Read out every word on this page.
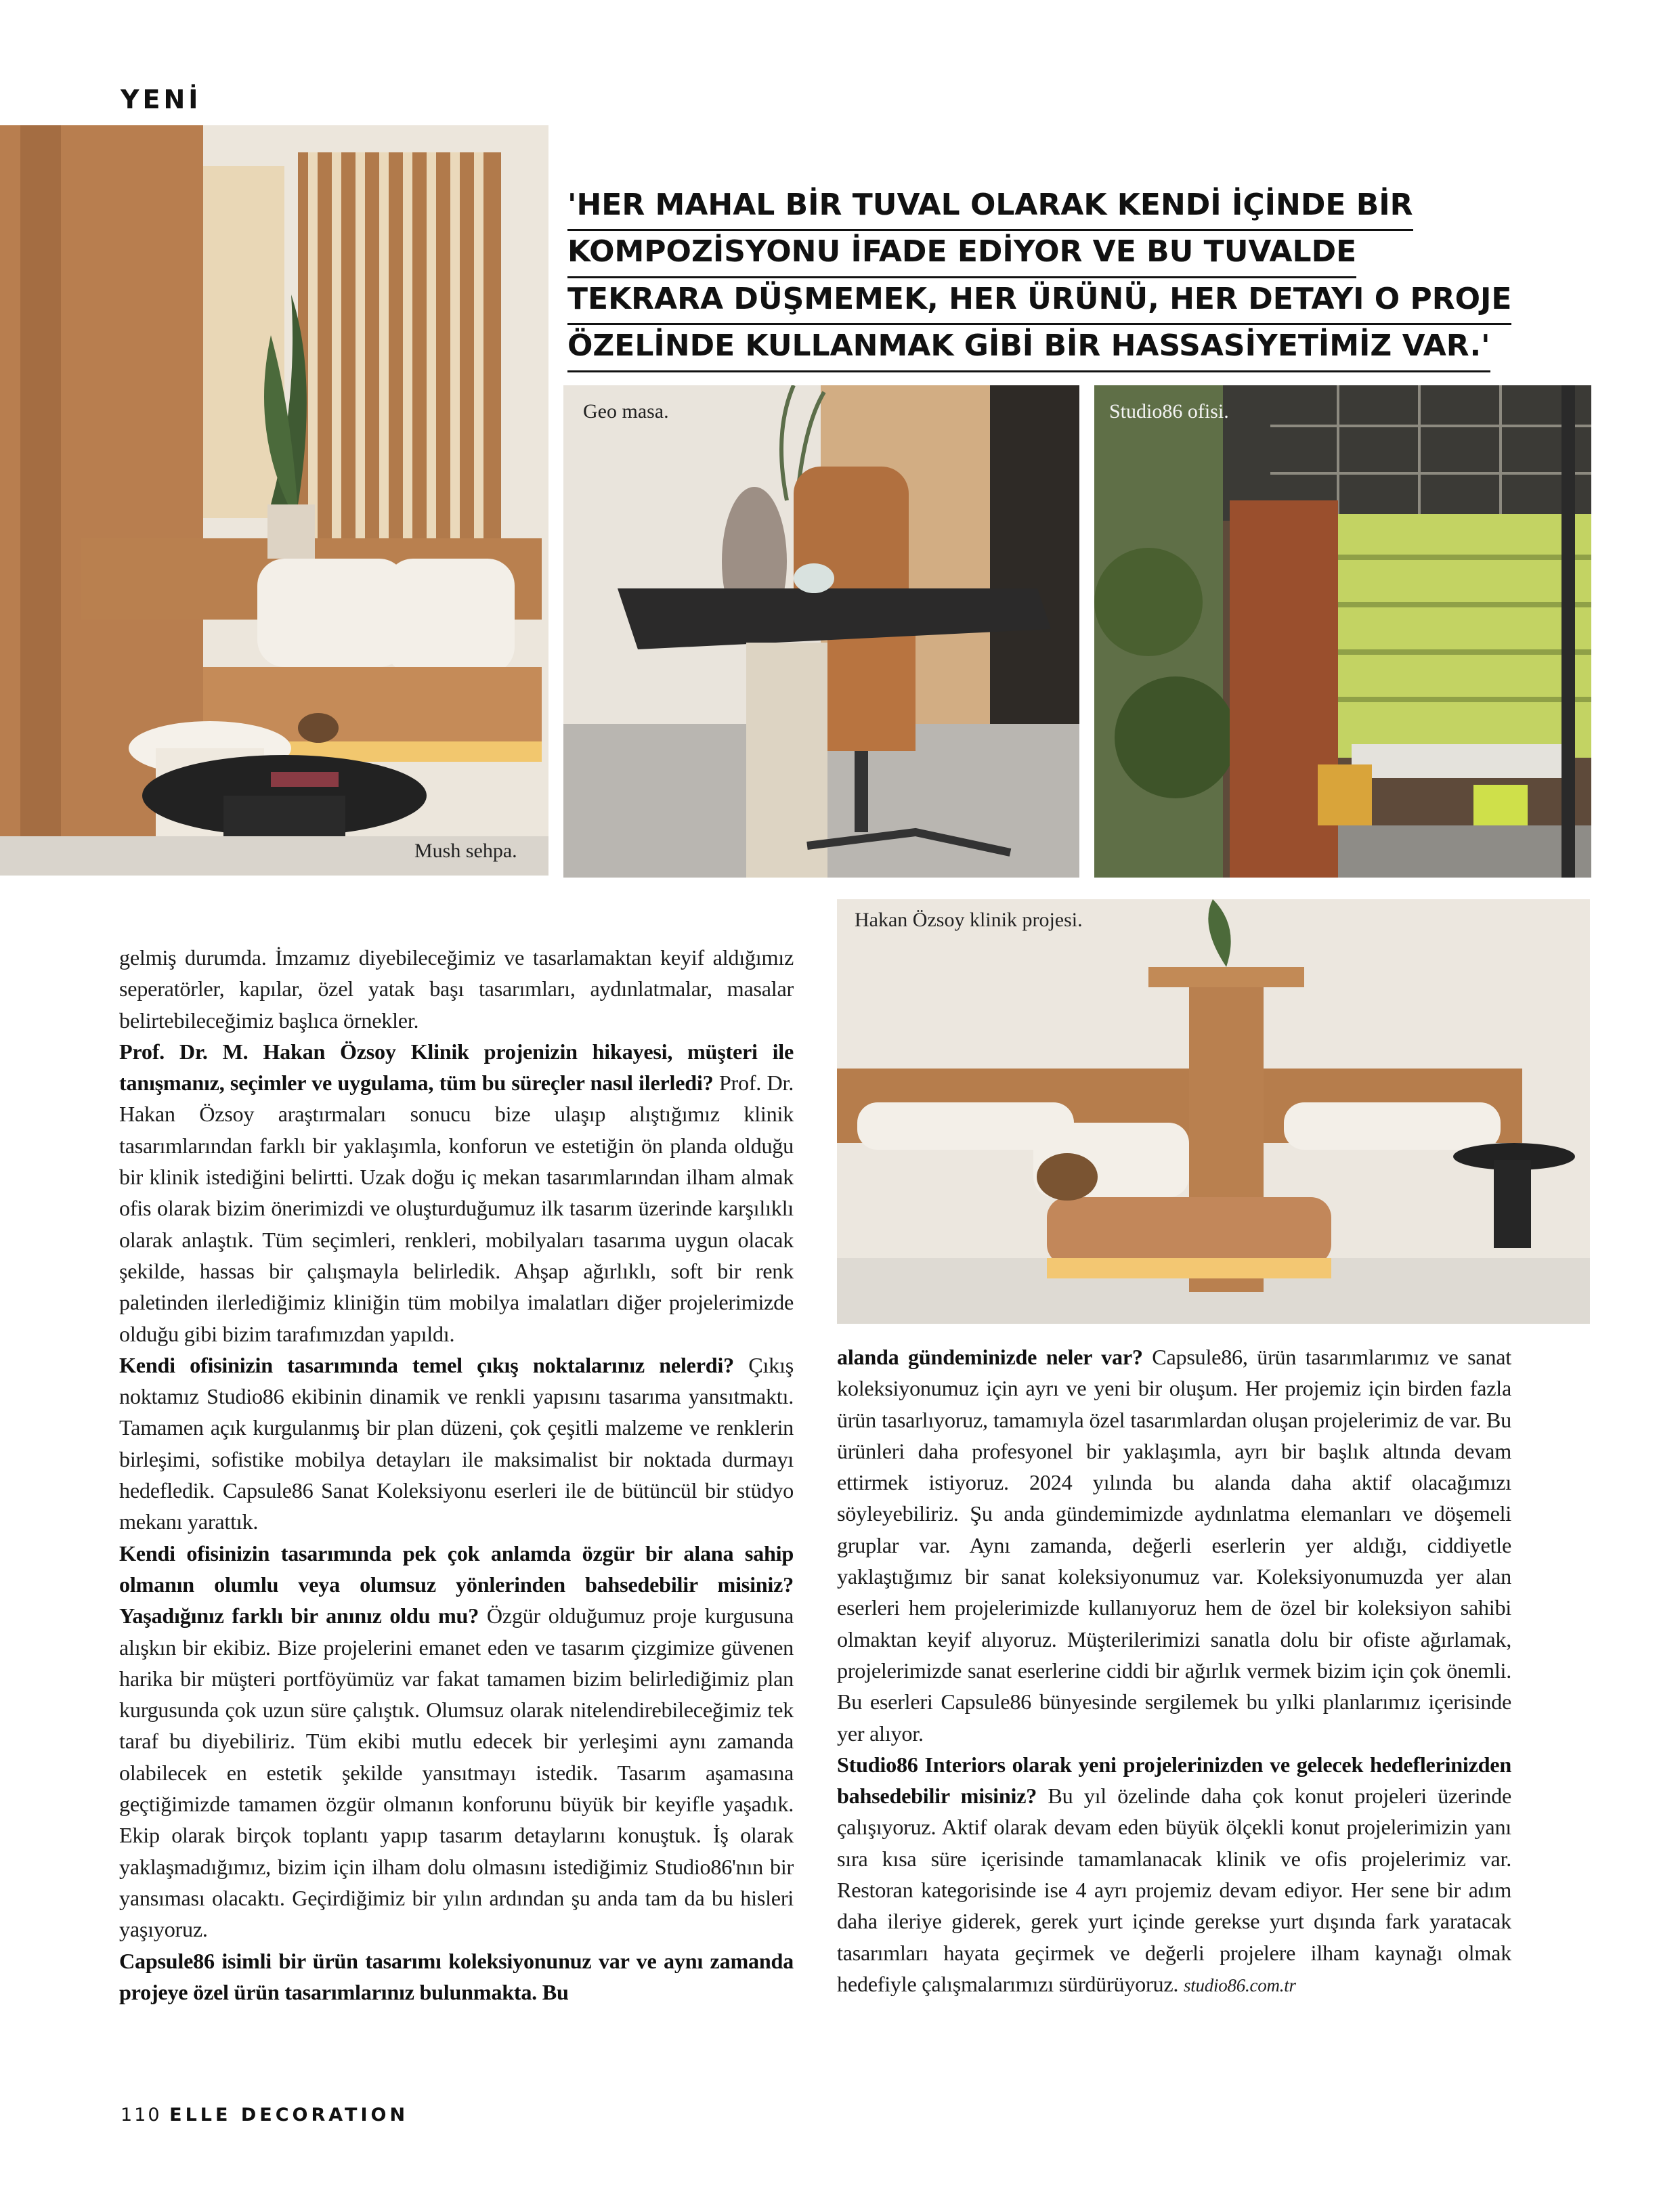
YENİ
'HER MAHAL BİR TUVAL OLARAK KENDİ İÇİNDE BİR
KOMPOZİSYONU İFADE EDİYOR VE BU TUVALDE
TEKRARA DÜŞMEMEK, HER ÜRÜNÜ, HER DETAYI O PROJE
ÖZELİNDE KULLANMAK GİBİ BİR HASSASİYETİMİZ VAR.'
Mush sehpa.
Geo masa.	Studio86 ofisi.
Hakan Özsoy klinik projesi.

gelmiş durumda. İmzamız diyebileceğimiz ve tasarlamaktan keyif aldığımız seperatörler, kapılar, özel yatak başı tasarımları, aydınlatmalar, masalar belirtebileceğimiz başlıca örnekler.

Prof. Dr. M. Hakan Özsoy Klinik projenizin hikayesi, müşteri ile tanışmanız, seçimler ve uygulama, tüm bu süreçler nasıl ilerledi? Prof. Dr. Hakan Özsoy araştırmaları sonucu bize ulaşıp alıştığımız klinik tasarımlarından farklı bir yaklaşımla, konforun ve estetiğin ön planda olduğu bir klinik istediğini belirtti. Uzak doğu iç mekan tasarımlarından ilham almak ofis olarak bizim önerimizdi ve oluşturduğumuz ilk tasarım üzerinde karşılıklı olarak anlaştık. Tüm seçimleri, renkleri, mobilyaları tasarıma uygun olacak şekilde, hassas bir çalışmayla belirledik. Ahşap ağırlıklı, soft bir renk paletinden ilerlediğimiz kliniğin tüm mobilya imalatları diğer projelerimizde olduğu gibi bizim tarafımızdan yapıldı.

Kendi ofisinizin tasarımında temel çıkış noktalarınız nelerdi? Çıkış noktamız Studio86 ekibinin dinamik ve renkli yapısını tasarıma yansıtmaktı. Tamamen açık kurgulanmış bir plan düzeni, çok çeşitli malzeme ve renklerin birleşimi, sofistike mobilya detayları ile maksimalist bir noktada durmayı hedefledik. Capsule86 Sanat Koleksiyonu eserleri ile de bütüncül bir stüdyo mekanı yarattık.

Kendi ofisinizin tasarımında pek çok anlamda özgür bir alana sahip olmanın olumlu veya olumsuz yönlerinden bahsedebilir misiniz? Yaşadığınız farklı bir anınız oldu mu? Özgür olduğumuz proje kurgusuna alışkın bir ekibiz. Bize projelerini emanet eden ve tasarım çizgimize güvenen harika bir müşteri portföyümüz var fakat tamamen bizim belirlediğimiz plan kurgusunda çok uzun süre çalıştık. Olumsuz olarak nitelendirebileceğimiz tek taraf bu diyebiliriz. Tüm ekibi mutlu edecek bir yerleşimi aynı zamanda olabilecek en estetik şekilde yansıtmayı istedik. Tasarım aşamasına geçtiğimizde tamamen özgür olmanın konforunu büyük bir keyifle yaşadık. Ekip olarak birçok toplantı yapıp tasarım detaylarını konuştuk. İş olarak yaklaşmadığımız, bizim için ilham dolu olmasını istediğimiz Studio86'nın bir yansıması olacaktı. Geçirdiğimiz bir yılın ardından şu anda tam da bu hisleri yaşıyoruz.

Capsule86 isimli bir ürün tasarımı koleksiyonunuz var ve aynı zamanda projeye özel ürün tasarımlarınız bulunmakta. Bu

alanda gündeminizde neler var? Capsule86, ürün tasarımlarımız ve sanat koleksiyonumuz için ayrı ve yeni bir oluşum. Her projemiz için birden fazla ürün tasarlıyoruz, tamamıyla özel tasarımlardan oluşan projelerimiz de var. Bu ürünleri daha profesyonel bir yaklaşımla, ayrı bir başlık altında devam ettirmek istiyoruz. 2024 yılında bu alanda daha aktif olacağımızı söyleyebiliriz. Şu anda gündemimizde aydınlatma elemanları ve döşemeli gruplar var. Aynı zamanda, değerli eserlerin yer aldığı, ciddiyetle yaklaştığımız bir sanat koleksiyonumuz var. Koleksiyonumuzda yer alan eserleri hem projelerimizde kullanıyoruz hem de özel bir koleksiyon sahibi olmaktan keyif alıyoruz. Müşterilerimizi sanatla dolu bir ofiste ağırlamak, projelerimizde sanat eserlerine ciddi bir ağırlık vermek bizim için çok önemli. Bu eserleri Capsule86 bünyesinde sergilemek bu yılki planlarımız içerisinde yer alıyor.

Studio86 Interiors olarak yeni projelerinizden ve gelecek hedeflerinizden bahsedebilir misiniz? Bu yıl özelinde daha çok konut projeleri üzerinde çalışıyoruz. Aktif olarak devam eden büyük ölçekli konut projelerimizin yanı sıra kısa süre içerisinde tamamlanacak klinik ve ofis projelerimiz var. Restoran kategorisinde ise 4 ayrı projemiz devam ediyor. Her sene bir adım daha ileriye giderek, gerek yurt içinde gerekse yurt dışında fark yaratacak tasarımları hayata geçirmek ve değerli projelere ilham kaynağı olmak hedefiyle çalışmalarımızı sürdürüyoruz. studio86.com.tr

110 ELLE DECORATION
